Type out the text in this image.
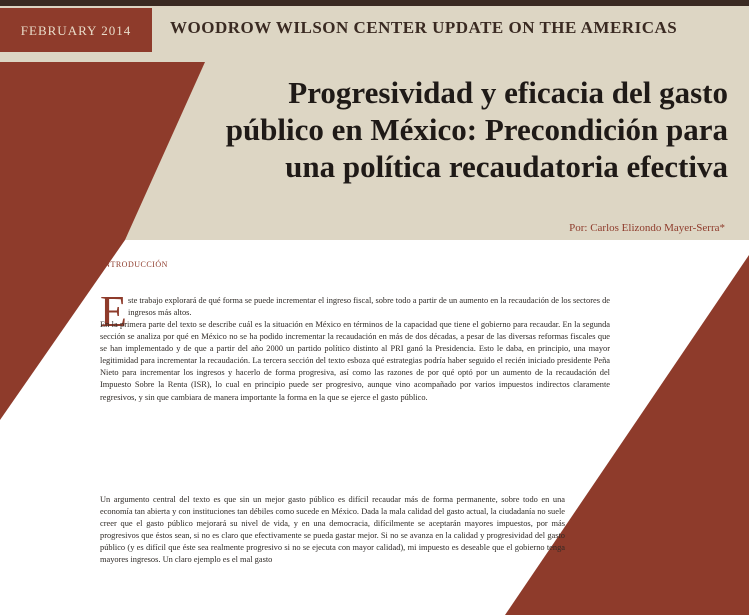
FEBRUARY 2014	WOODROW WILSON CENTER UPDATE ON THE AMERICAS
Progresividad y eficacia del gasto
público en México: Precondición para
una política recaudatoria efectiva
Por: Carlos Elizondo Mayer-Serra*
Introducción
E ste trabajo explorará de qué forma se puede incrementar el ingreso fiscal, sobre todo a partir de un aumento en la recaudación de los sectores de ingresos más altos.
En la primera parte del texto se describe cuál es la situación en México en términos de la capacidad que tiene el gobierno para recaudar. En la segunda sección se analiza por qué en México no se ha podido incrementar la recaudación en más de dos décadas, a pesar de las diversas reformas fiscales que se han implementado y de que a partir del año 2000 un partido político distinto al PRI ganó la Presidencia. Esto le daba, en principio, una mayor legitimidad para incrementar la recaudación. La tercera sección del texto esboza qué estrategias podría haber seguido el recién iniciado presidente Peña Nieto para incrementar los ingresos y hacerlo de forma progresiva, así como las razones de por qué optó por un aumento de la recaudación del Impuesto Sobre la Renta (ISR), lo cual en principio puede ser progresivo, aunque vino acompañado por varios impuestos indirectos claramente regresivos, y sin que cambiara de manera importante la forma en la que se ejerce el gasto público.
Un argumento central del texto es que sin un mejor gasto público es difícil recaudar más de forma permanente, sobre todo en una economía tan abierta y con instituciones tan débiles como sucede en México. Dada la mala calidad del gasto actual, la ciudadanía no suele creer que el gasto público mejorará su nivel de vida, y en una democracia, difícilmente se aceptarán mayores impuestos, por más progresivos que éstos sean, si no es claro que efectivamente se pueda gastar mejor. Si no se avanza en la calidad y progresividad del gasto público (y es difícil que éste sea realmente progresivo si no se ejecuta con mayor calidad), mi impuesto es deseable que el gobierno tenga mayores ingresos. Un claro ejemplo es el mal gasto
